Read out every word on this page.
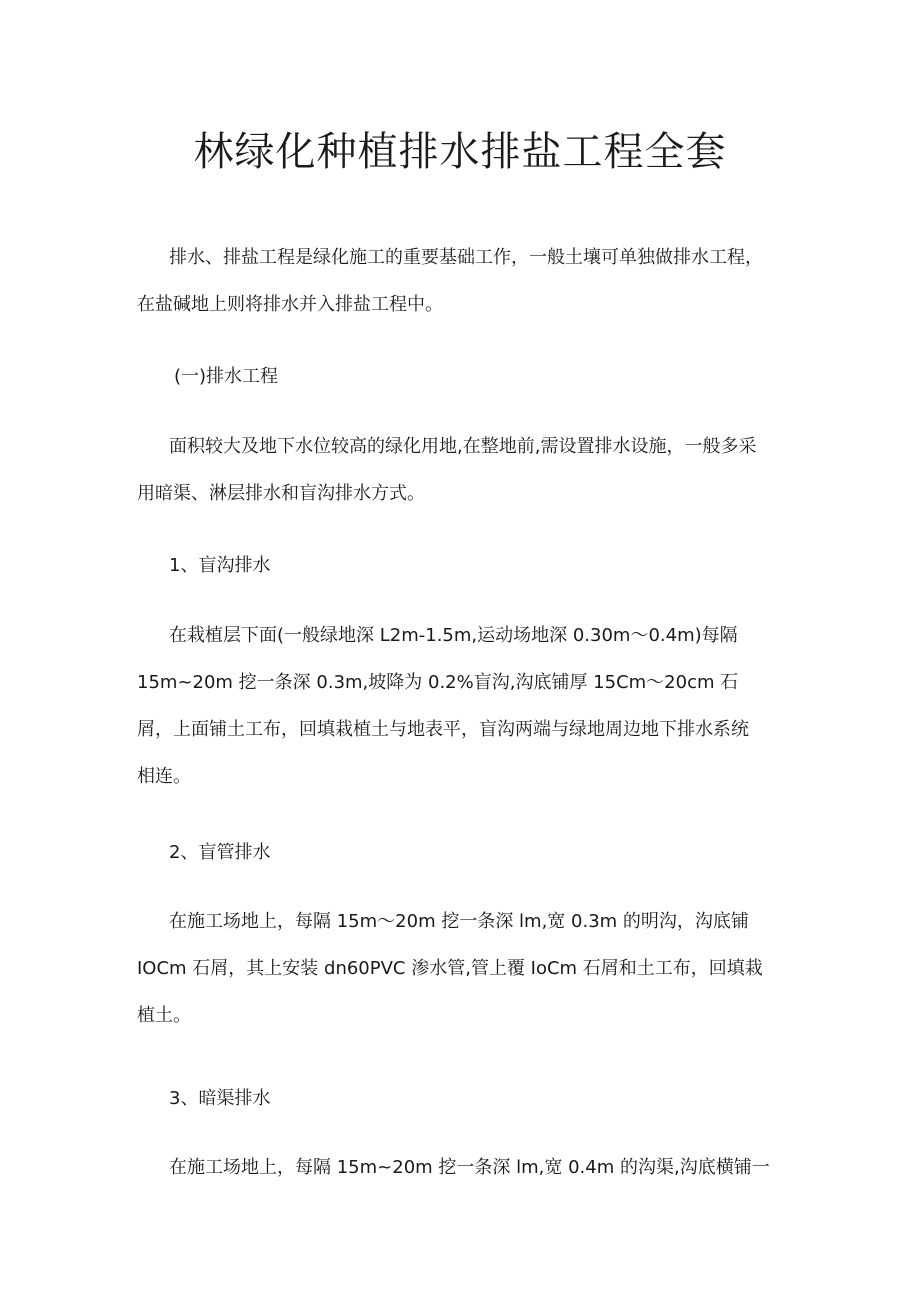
林绿化种植排水排盐工程全套
排水、排盐工程是绿化施工的重要基础工作，一般土壤可单独做排水工程，
在盐碱地上则将排水并入排盐工程中。
(一)排水工程
面积较大及地下水位较高的绿化用地,在整地前,需设置排水设施，一般多采
用暗渠、淋层排水和盲沟排水方式。
1、盲沟排水
在栽植层下面(一般绿地深 L2m-1.5m,运动场地深 0.30m〜0.4m)每隔
15m~20m 挖一条深 0.3m,坡降为 0.2%盲沟,沟底铺厚 15Cm〜20cm 石
屑，上面铺土工布，回填栽植土与地表平，盲沟两端与绿地周边地下排水系统
相连。
2、盲管排水
在施工场地上，每隔 15m〜20m 挖一条深 lm,宽 0.3m 的明沟，沟底铺
IOCm 石屑，其上安装 dn60PVC 渗水管,管上覆 IoCm 石屑和土工布，回填栽
植土。
3、暗渠排水
在施工场地上，每隔 15m~20m 挖一条深 lm,宽 0.4m 的沟渠,沟底横铺一
